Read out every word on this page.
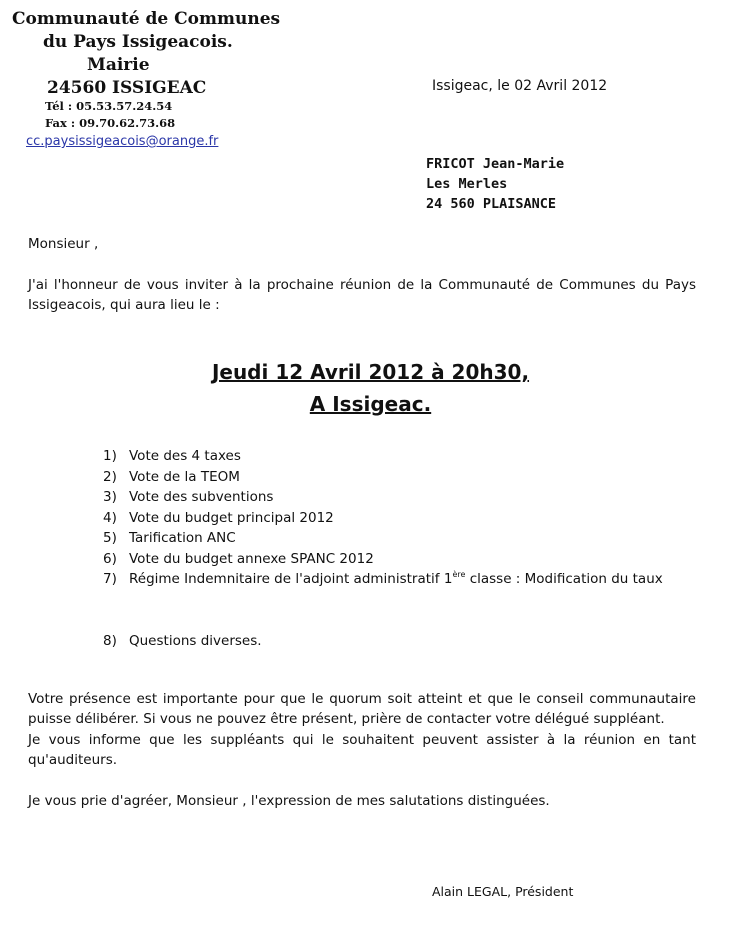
Communauté de Communes
du Pays Issigeacois.
Mairie
24560 ISSIGEAC
Tél : 05.53.57.24.54
Fax : 09.70.62.73.68
cc.paysissigeacois@orange.fr
Issigeac, le 02 Avril 2012
FRICOT Jean-Marie
Les Merles
24 560 PLAISANCE
Monsieur ,
J'ai l'honneur de vous inviter à la prochaine réunion de la Communauté de Communes du Pays Issigeacois, qui aura lieu le :
Jeudi 12 Avril 2012 à 20h30,
A Issigeac.
1) Vote des 4 taxes
2) Vote de la TEOM
3) Vote des subventions
4) Vote du budget principal 2012
5) Tarification ANC
6) Vote du budget annexe SPANC 2012
7) Régime Indemnitaire de l'adjoint administratif 1ère classe : Modification du taux
8) Questions diverses.
Votre présence est importante pour que le quorum soit atteint et que le conseil communautaire puisse délibérer. Si vous ne pouvez être présent, prière de contacter votre délégué suppléant.
Je vous informe que les suppléants qui le souhaitent peuvent assister à la réunion en tant qu'auditeurs.
Je vous prie d'agréer, Monsieur , l'expression de mes salutations distinguées.
Alain LEGAL, Président
